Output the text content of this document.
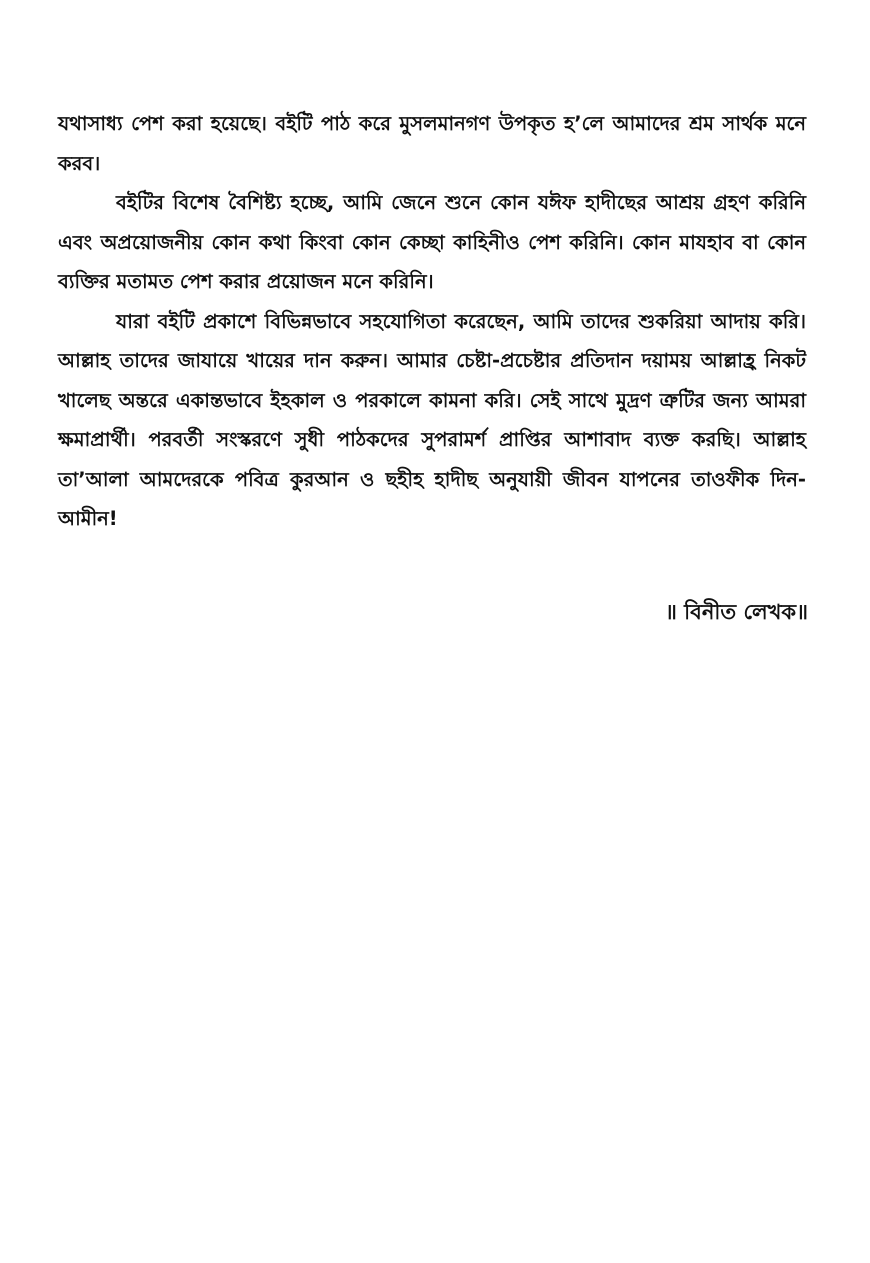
যথাসাধ্য পেশ করা হয়েছে। বইটি পাঠ করে মুসলমানগণ উপকৃত হ’লে আমাদের শ্রম সার্থক মনে করব।

বইটির বিশেষ বৈশিষ্ট্য হচ্ছে, আমি জেনে শুনে কোন যঈফ হাদীছের আশ্রয় গ্রহণ করিনি এবং অপ্রয়োজনীয় কোন কথা কিংবা কোন কেচ্ছা কাহিনীও পেশ করিনি। কোন মাযহাব বা কোন ব্যক্তির মতামত পেশ করার প্রয়োজন মনে করিনি।

যারা বইটি প্রকাশে বিভিন্নভাবে সহযোগিতা করেছেন, আমি তাদের শুকরিয়া আদায় করি। আল্লাহ তাদের জাযায়ে খায়ের দান করুন। আমার চেষ্টা-প্রচেষ্টার প্রতিদান দয়াময় আল্লাহ্র নিকট খালেছ অন্তরে একান্তভাবে ইহকাল ও পরকালে কামনা করি। সেই সাথে মুদ্রণ ত্রুটির জন্য আমরা ক্ষমাপ্রার্থী। পরবর্তী সংস্করণে সুধী পাঠকদের সুপরামর্শ প্রাপ্তির আশাবাদ ব্যক্ত করছি। আল্লাহ তা’আলা আমদেরকে পবিত্র কুরআন ও ছহীহ হাদীছ অনুযায়ী জীবন যাপনের তাওফীক দিন-আমীন!

॥ বিনীত লেখক॥
